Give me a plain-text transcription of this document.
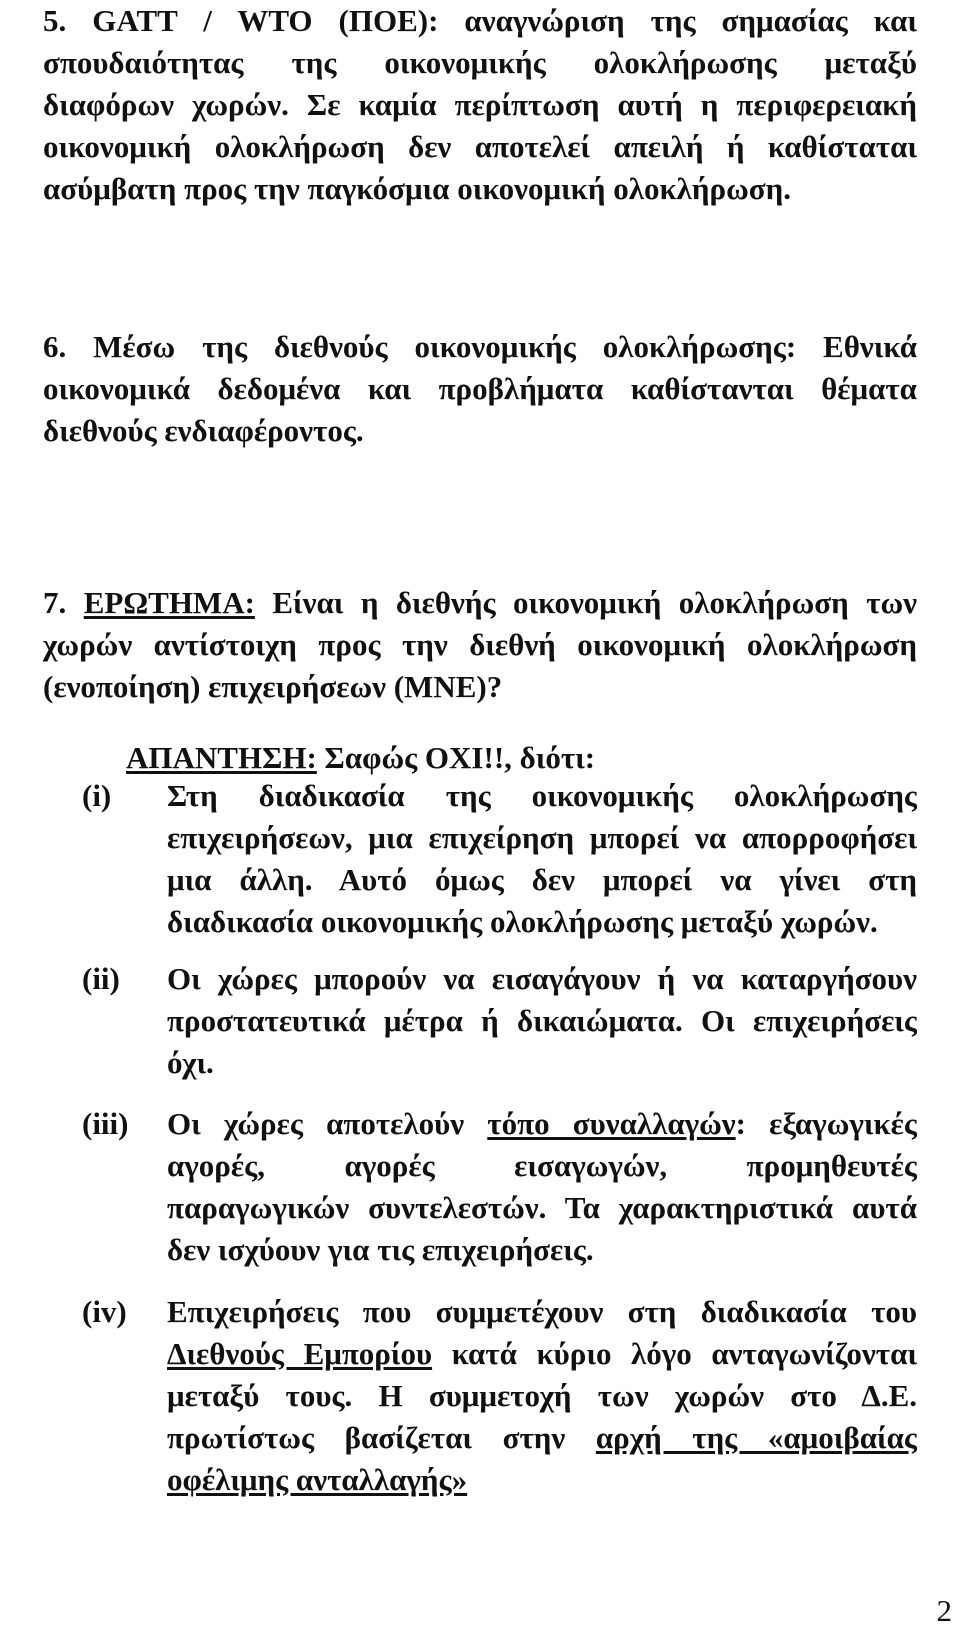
5. GATT / WTO (ΠΟΕ): αναγνώριση της σημασίας και
σπουδαιότητας της οικονομικής ολοκλήρωσης μεταξύ
διαφόρων χωρών. Σε καμία περίπτωση αυτή η περιφερειακή
οικονομική ολοκλήρωση δεν αποτελεί απειλή ή καθίσταται
ασύμβατη προς την παγκόσμια οικονομική ολοκλήρωση.
6. Μέσω της διεθνούς οικονομικής ολοκλήρωσης: Εθνικά
οικονομικά δεδομένα και προβλήματα καθίστανται θέματα
διεθνούς ενδιαφέροντος.
7. ΕΡΩΤΗΜΑ: Είναι η διεθνής οικονομική ολοκλήρωση των
χωρών αντίστοιχη προς την διεθνή οικονομική ολοκλήρωση
(ενοποίηση) επιχειρήσεων (ΜΝΕ)?
ΑΠΑΝΤΗΣΗ: Σαφώς ΟΧΙ!!, διότι:
(i) Στη διαδικασία της οικονομικής ολοκλήρωσης
επιχειρήσεων, μια επιχείρηση μπορεί να απορροφήσει
μια άλλη. Αυτό όμως δεν μπορεί να γίνει στη
διαδικασία οικονομικής ολοκλήρωσης μεταξύ χωρών.
(ii) Οι χώρες μπορούν να εισαγάγουν ή να καταργήσουν
προστατευτικά μέτρα ή δικαιώματα. Οι επιχειρήσεις
όχι.
(iii) Οι χώρες αποτελούν τόπο συναλλαγών: εξαγωγικές
αγορές, αγορές εισαγωγών, προμηθευτές
παραγωγικών συντελεστών. Τα χαρακτηριστικά αυτά
δεν ισχύουν για τις επιχειρήσεις.
(iv) Επιχειρήσεις που συμμετέχουν στη διαδικασία του
Διεθνούς Εμπορίου κατά κύριο λόγο ανταγωνίζονται
μεταξύ τους. Η συμμετοχή των χωρών στο Δ.Ε.
πρωτίστως βασίζεται στην αρχή της «αμοιβαίας
οφέλιμης ανταλλαγής»
2
